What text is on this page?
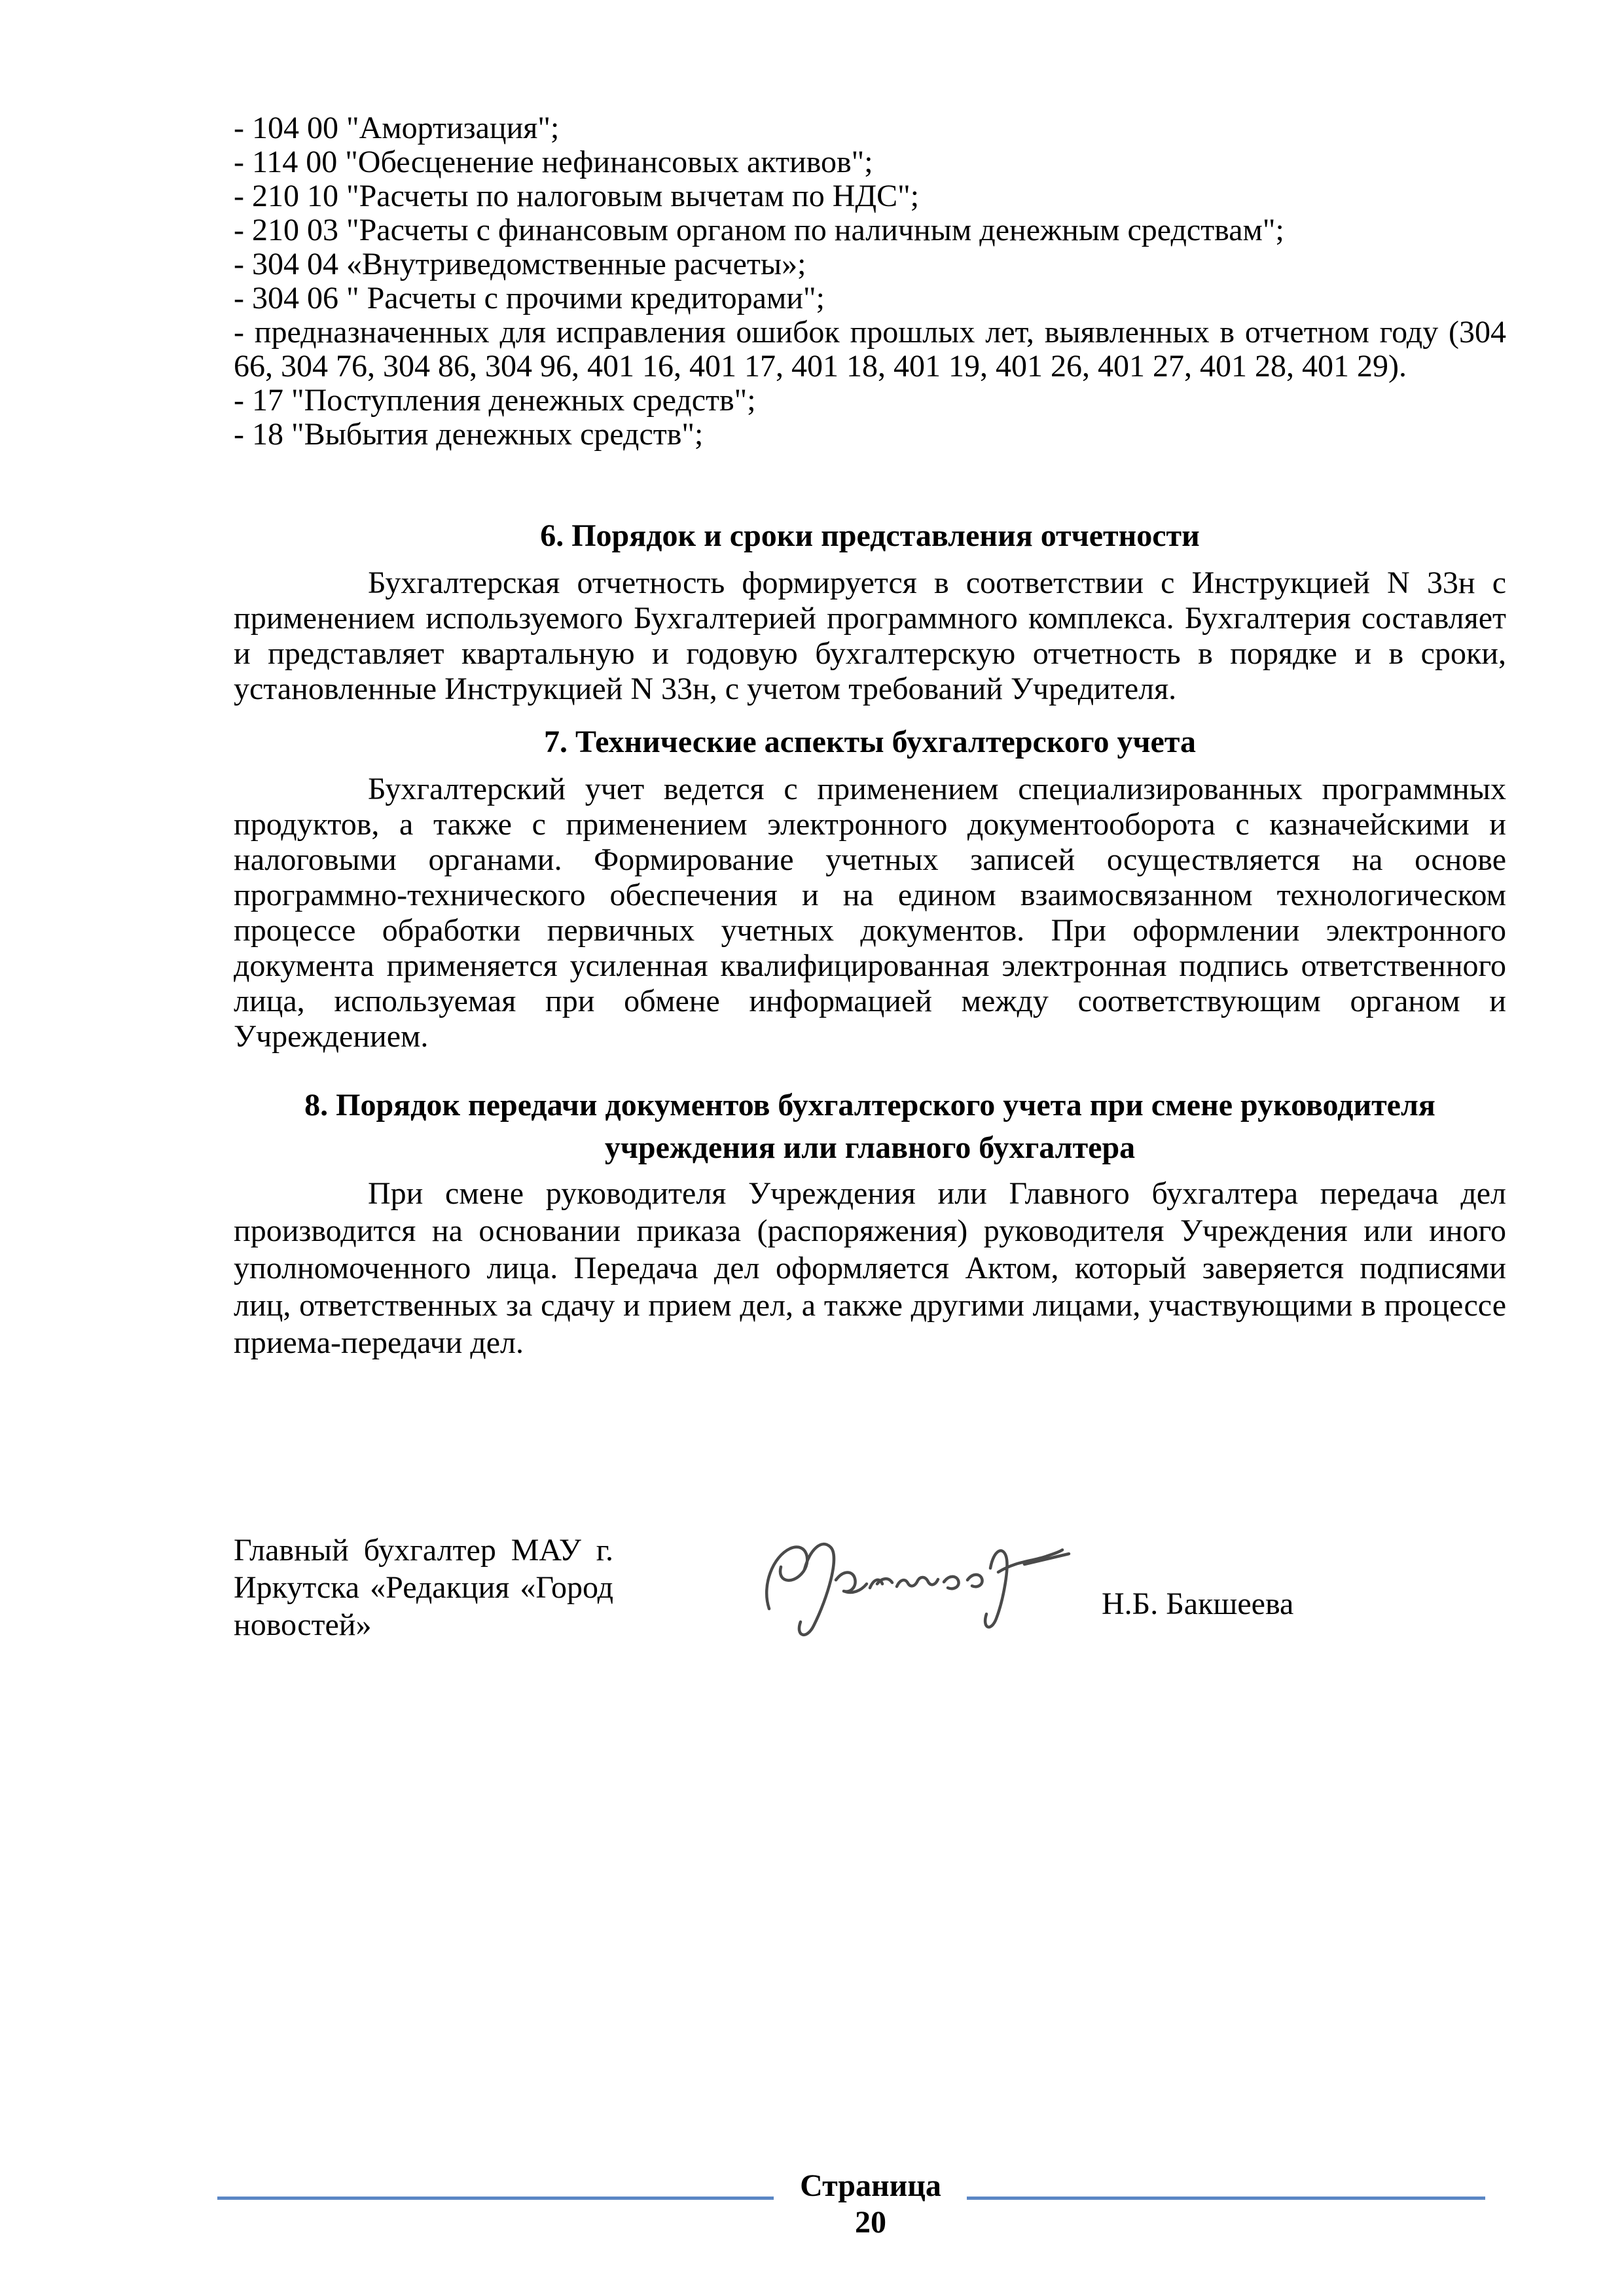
- 104 00 "Амортизация";

- 114 00 "Обесценение нефинансовых активов";

- 210 10 "Расчеты по налоговым вычетам по НДС";

- 210 03 "Расчеты с финансовым органом по наличным денежным средствам";

- 304 04 «Внутриведомственные расчеты»;

- 304 06 " Расчеты с прочими кредиторами";

- предназначенных для исправления ошибок прошлых лет, выявленных в отчетном году (304 66, 304 76, 304 86, 304 96, 401 16, 401 17, 401 18, 401 19, 401 26, 401 27, 401 28, 401 29).

- 17 "Поступления денежных средств";

- 18 "Выбытия денежных средств";

6. Порядок и сроки представления отчетности

Бухгалтерская отчетность формируется в соответствии с Инструкцией N 33н с применением используемого Бухгалтерией программного комплекса. Бухгалтерия составляет и представляет квартальную и годовую бухгалтерскую отчетность в порядке и в сроки, установленные Инструкцией N 33н, с учетом требований Учредителя.

7. Технические аспекты бухгалтерского учета

Бухгалтерский учет ведется с применением специализированных программных продуктов, а также с применением электронного документооборота с казначейскими и налоговыми органами. Формирование учетных записей осуществляется на основе программно-технического обеспечения и на едином взаимосвязанном технологическом процессе обработки первичных учетных документов. При оформлении электронного документа применяется усиленная квалифицированная электронная подпись ответственного лица, используемая при обмене информацией между соответствующим органом и Учреждением.

8. Порядок передачи документов бухгалтерского учета при смене руководителя учреждения или главного бухгалтера

При смене руководителя Учреждения или Главного бухгалтера передача дел производится на основании приказа (распоряжения) руководителя Учреждения или иного уполномоченного лица. Передача дел оформляется Актом, который заверяется подписями лиц, ответственных за сдачу и прием дел, а также другими лицами, участвующими в процессе приема-передачи дел.

Главный бухгалтер МАУ г. Иркутска «Редакция «Город новостей»

Н.Б. Бакшеева
Страница
20
